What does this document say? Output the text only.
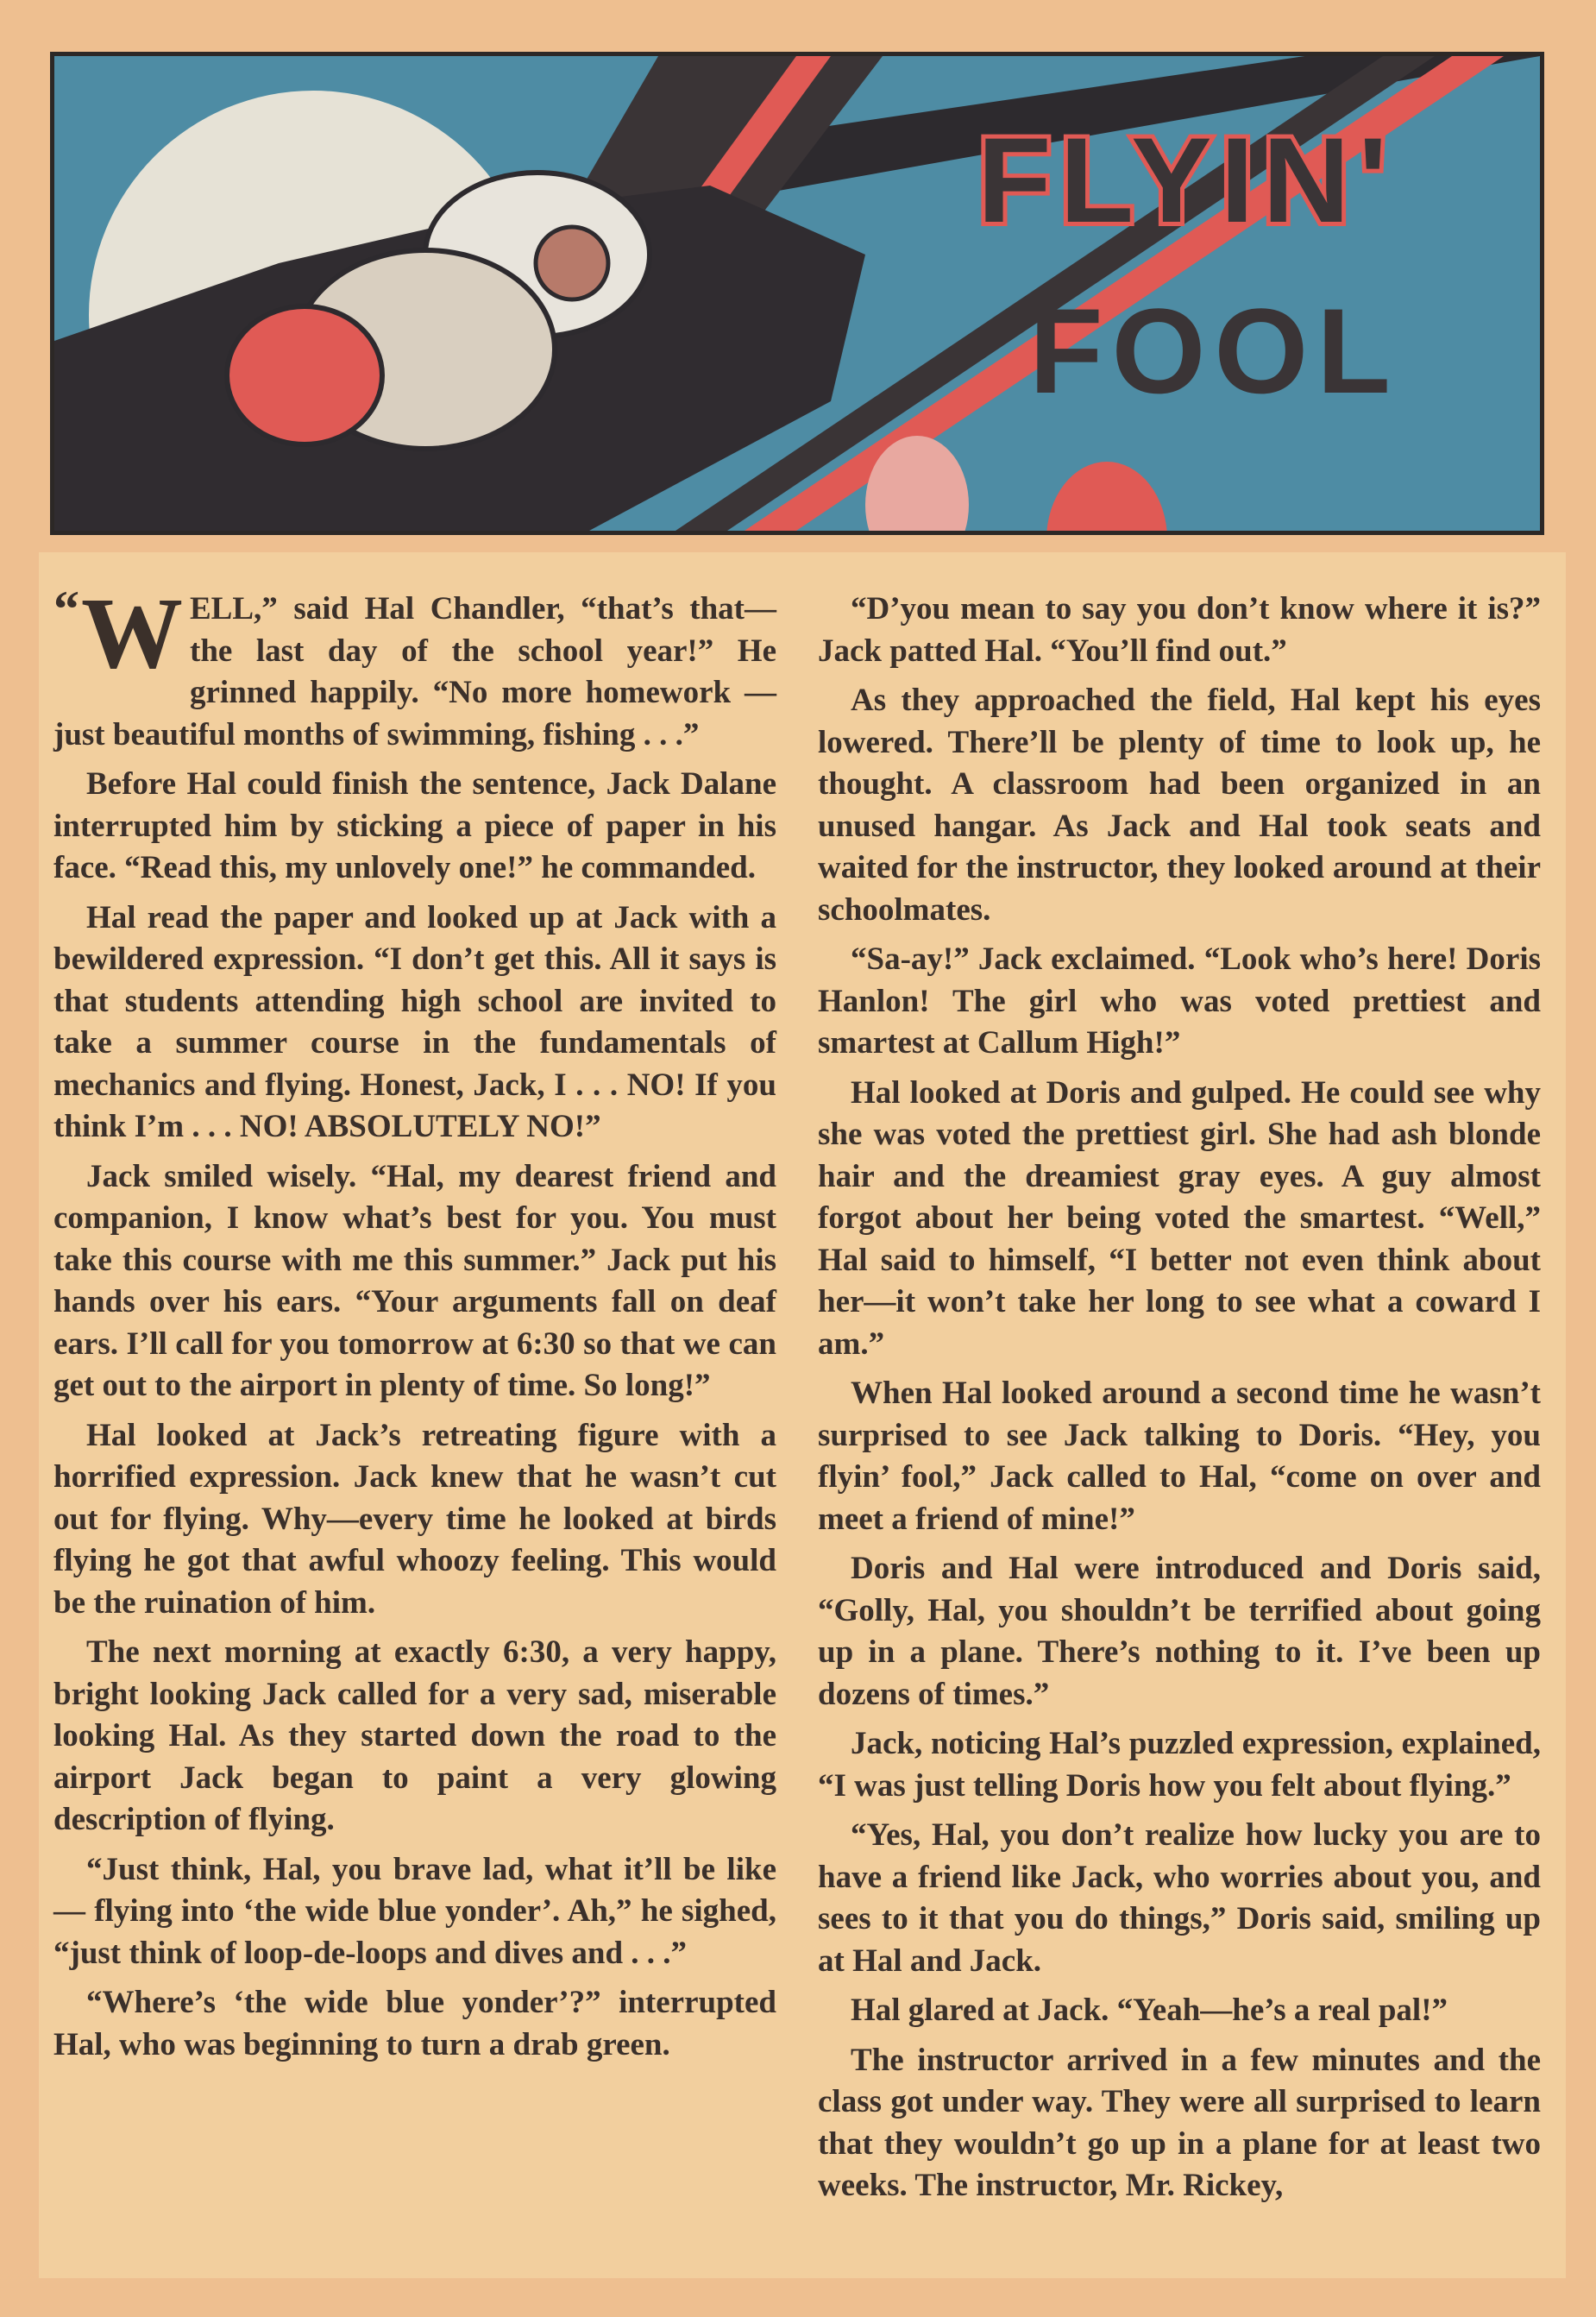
FLYIN'
FOOL

“W ELL,” said Hal Chandler, “that’s that—the last day of the school year!” He grinned happily. “No more homework — just beautiful months of swimming, fishing . . .”

Before Hal could finish the sentence, Jack Dalane interrupted him by sticking a piece of paper in his face. “Read this, my unlovely one!” he commanded.

Hal read the paper and looked up at Jack with a bewildered expression. “I don’t get this. All it says is that students attending high school are invited to take a summer course in the fundamentals of mechanics and flying. Honest, Jack, I . . . NO! If you think I’m . . . NO! ABSOLUTELY NO!”

Jack smiled wisely. “Hal, my dearest friend and companion, I know what’s best for you. You must take this course with me this summer.” Jack put his hands over his ears. “Your arguments fall on deaf ears. I’ll call for you tomorrow at 6:30 so that we can get out to the airport in plenty of time. So long!”

Hal looked at Jack’s retreating figure with a horrified expression. Jack knew that he wasn’t cut out for flying. Why—every time he looked at birds flying he got that awful whoozy feeling. This would be the ruination of him.

The next morning at exactly 6:30, a very happy, bright looking Jack called for a very sad, miserable looking Hal. As they started down the road to the airport Jack began to paint a very glowing description of flying.

“Just think, Hal, you brave lad, what it’ll be like — flying into ‘the wide blue yonder’. Ah,” he sighed, “just think of loop-de-loops and dives and . . .”

“Where’s ‘the wide blue yonder’?” interrupted Hal, who was beginning to turn a drab green.

“D’you mean to say you don’t know where it is?” Jack patted Hal. “You’ll find out.”

As they approached the field, Hal kept his eyes lowered. There’ll be plenty of time to look up, he thought. A classroom had been organized in an unused hangar. As Jack and Hal took seats and waited for the instructor, they looked around at their schoolmates.

“Sa-ay!” Jack exclaimed. “Look who’s here! Doris Hanlon! The girl who was voted prettiest and smartest at Callum High!”

Hal looked at Doris and gulped. He could see why she was voted the prettiest girl. She had ash blonde hair and the dreamiest gray eyes. A guy almost forgot about her being voted the smartest. “Well,” Hal said to himself, “I better not even think about her—it won’t take her long to see what a coward I am.”

When Hal looked around a second time he wasn’t surprised to see Jack talking to Doris. “Hey, you flyin’ fool,” Jack called to Hal, “come on over and meet a friend of mine!”

Doris and Hal were introduced and Doris said, “Golly, Hal, you shouldn’t be terrified about going up in a plane. There’s nothing to it. I’ve been up dozens of times.”

Jack, noticing Hal’s puzzled expression, explained, “I was just telling Doris how you felt about flying.”

“Yes, Hal, you don’t realize how lucky you are to have a friend like Jack, who worries about you, and sees to it that you do things,” Doris said, smiling up at Hal and Jack.

Hal glared at Jack. “Yeah—he’s a real pal!”

The instructor arrived in a few minutes and the class got under way. They were all surprised to learn that they wouldn’t go up in a plane for at least two weeks. The instructor, Mr. Rickey,
